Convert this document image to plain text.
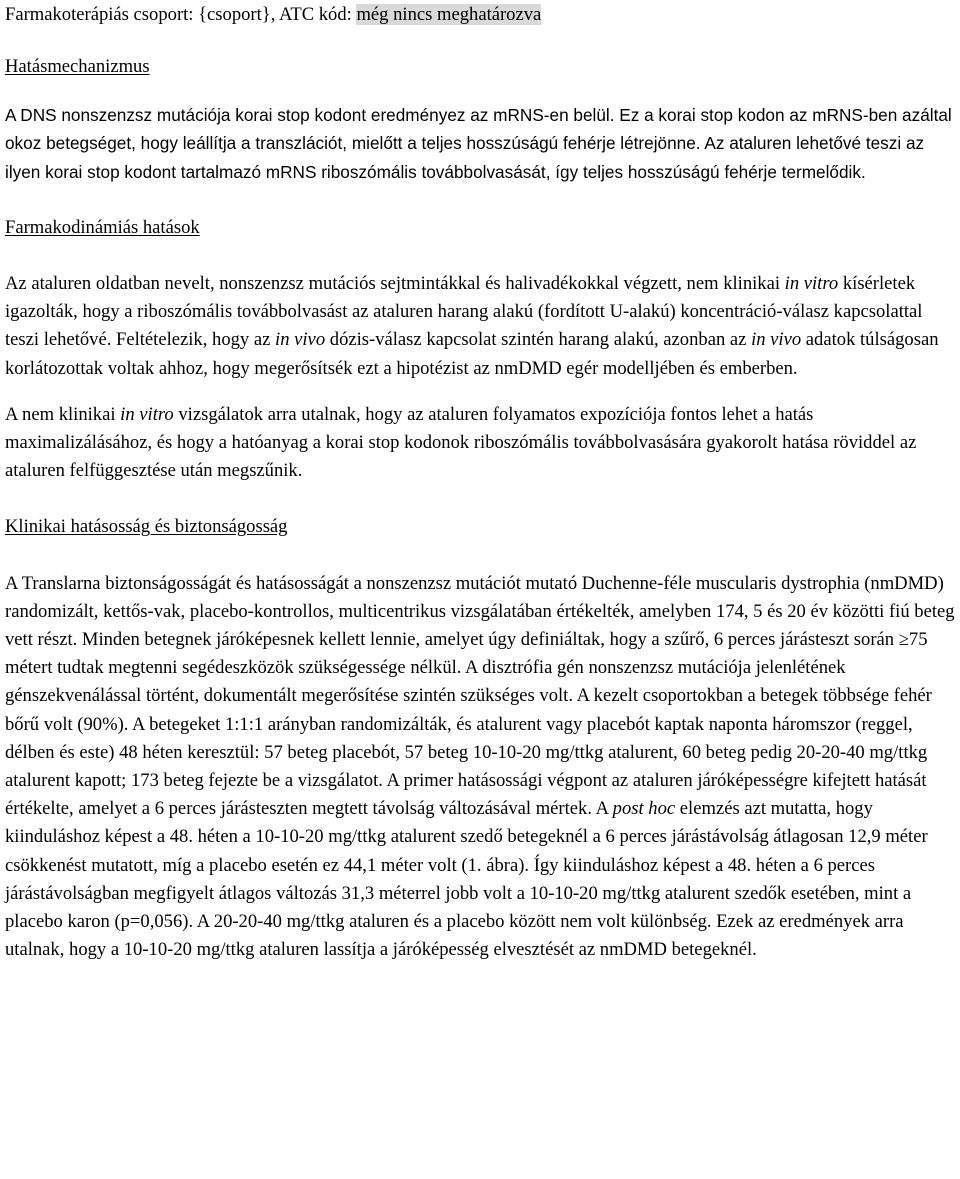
Farmakoterápiás csoport: {csoport}, ATC kód: még nincs meghatározva

Hatásmechanizmus

A DNS nonszenzsz mutációja korai stop kodont eredményez az mRNS-en belül. Ez a korai stop kodon az mRNS-ben azáltal okoz betegséget, hogy leállítja a transzlációt, mielőtt a teljes hosszúságú fehérje létrejönne. Az ataluren lehetővé teszi az ilyen korai stop kodont tartalmazó mRNS riboszómális továbbolvasását, így teljes hosszúságú fehérje termelődik.

Farmakodinámiás hatások

Az ataluren oldatban nevelt, nonszenzsz mutációs sejtmintákkal és halivadékokkal végzett, nem klinikai in vitro kísérletek igazolták, hogy a riboszómális továbbolvasást az ataluren harang alakú (fordított U-alakú) koncentráció-válasz kapcsolattal teszi lehetővé. Feltételezik, hogy az in vivo dózis-válasz kapcsolat szintén harang alakú, azonban az in vivo adatok túlságosan korlátozottak voltak ahhoz, hogy megerősítsék ezt a hipotézist az nmDMD egér modelljében és emberben.

A nem klinikai in vitro vizsgálatok arra utalnak, hogy az ataluren folyamatos expozíciója fontos lehet a hatás maximalizálásához, és hogy a hatóanyag a korai stop kodonok riboszómális továbbolvasására gyakorolt hatása röviddel az ataluren felfüggesztése után megszűnik.

Klinikai hatásosság és biztonságosság

A Translarna biztonságosságát és hatásosságát a nonszenzsz mutációt mutató Duchenne-féle muscularis dystrophia (nmDMD) randomizált, kettős-vak, placebo-kontrollos, multicentrikus vizsgálatában értékelték, amelyben 174, 5 és 20 év közötti fiú beteg vett részt. Minden betegnek járóképesnek kellett lennie, amelyet úgy definiáltak, hogy a szűrő, 6 perces járásteszt során ≥75 métert tudtak megtenni segédeszközök szükségessége nélkül. A disztrófia gén nonszenzsz mutációja jelenlétének génszekvenálással történt, dokumentált megerősítése szintén szükséges volt. A kezelt csoportokban a betegek többsége fehér bőrű volt (90%). A betegeket 1:1:1 arányban randomizálták, és atalurent vagy placebót kaptak naponta háromszor (reggel, délben és este) 48 héten keresztül: 57 beteg placebót, 57 beteg 10-10-20 mg/ttkg atalurent, 60 beteg pedig 20-20-40 mg/ttkg atalurent kapott; 173 beteg fejezte be a vizsgálatot. A primer hatásossági végpont az ataluren járóképességre kifejtett hatását értékelte, amelyet a 6 perces járásteszten megtett távolság változásával mértek. A post hoc elemzés azt mutatta, hogy kiinduláshoz képest a 48. héten a 10-10-20 mg/ttkg atalurent szedő betegeknél a 6 perces járástávolság átlagosan 12,9 méter csökkenést mutatott, míg a placebo esetén ez 44,1 méter volt (1. ábra). Így kiinduláshoz képest a 48. héten a 6 perces járástávolságban megfigyelt átlagos változás 31,3 méterrel jobb volt a 10-10-20 mg/ttkg atalurent szedők esetében, mint a placebo karon (p=0,056). A 20-20-40 mg/ttkg ataluren és a placebo között nem volt különbség. Ezek az eredmények arra utalnak, hogy a 10-10-20 mg/ttkg ataluren lassítja a járóképesség elvesztését az nmDMD betegeknél.
